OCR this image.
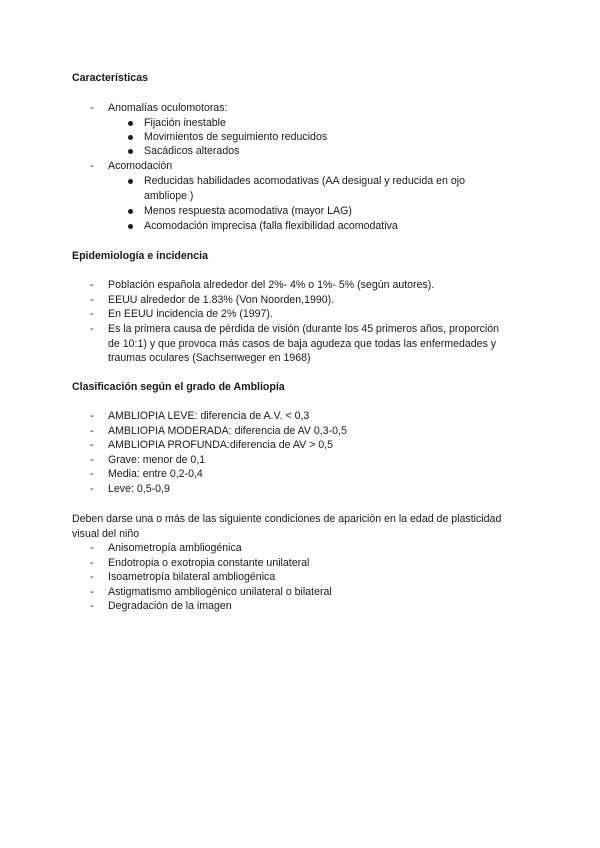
Características
- Anomalías oculomotoras:
Fijación inestable
Movimientos de seguimiento reducidos
Sacádicos alterados
- Acomodación
Reducidas habilidades acomodativas (AA desigual y reducida en ojo
ambliope )
Menos respuesta acomodativa (mayor LAG)
Acomodación imprecisa (falla flexibilidad acomodativa
Epidemiología e incidencia
- Población española alrededor del 2%- 4% o 1%- 5% (según autores).
- EEUU alrededor de 1.83% (Von Noorden,1990).
- En EEUU incidencia de 2% (1997).
- Es la primera causa de pérdida de visión (durante los 45 primeros años, proporción
de 10:1) y que provoca más casos de baja agudeza que todas las enfermedades y
traumas oculares (Sachsenweger en 1968)
Clasificación según el grado de Ambliopía
- AMBLIOPIA LEVE: diferencia de A.V. < 0,3
- AMBLIOPIA MODERADA: diferencia de AV 0,3-0,5
- AMBLIOPIA PROFUNDA:diferencia de AV > 0,5
- Grave: menor de 0,1
- Media: entre 0,2-0,4
- Leve: 0,5-0,9
Deben darse una o más de las siguiente condiciones de aparición en la edad de plasticidad
visual del niño
- Anisometropía ambliogénica
- Endotropia o exotropia constante unilateral
- Isoametropía bilateral ambliogénica
- Astigmatismo ambliogénico unilateral o bilateral
- Degradación de la imagen
